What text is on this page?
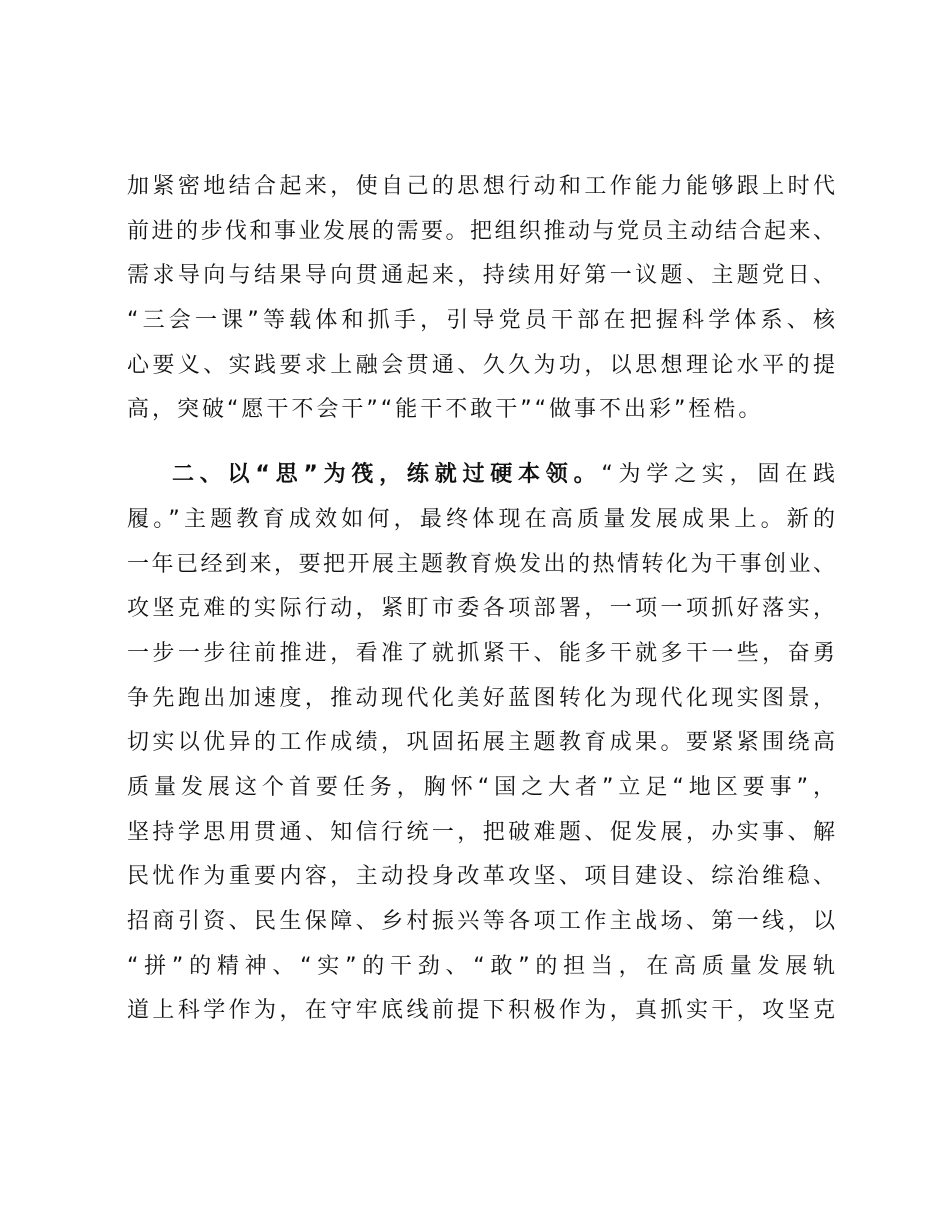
加紧密地结合起来，使自己的思想行动和工作能力能够跟上时代
前进的步伐和事业发展的需要。把组织推动与党员主动结合起来、
需求导向与结果导向贯通起来，持续用好第一议题、主题党日、
“三会一课”等载体和抓手，引导党员干部在把握科学体系、核
心要义、实践要求上融会贯通、久久为功，以思想理论水平的提
高，突破“愿干不会干”“能干不敢干”“做事不出彩”桎梏。
二、以“思”为筏，练就过硬本领。“为学之实，固在践
履。”主题教育成效如何，最终体现在高质量发展成果上。新的
一年已经到来，要把开展主题教育焕发出的热情转化为干事创业、
攻坚克难的实际行动，紧盯市委各项部署，一项一项抓好落实，
一步一步往前推进，看准了就抓紧干、能多干就多干一些，奋勇
争先跑出加速度，推动现代化美好蓝图转化为现代化现实图景，
切实以优异的工作成绩，巩固拓展主题教育成果。要紧紧围绕高
质量发展这个首要任务，胸怀“国之大者”立足“地区要事”，
坚持学思用贯通、知信行统一，把破难题、促发展，办实事、解
民忧作为重要内容，主动投身改革攻坚、项目建设、综治维稳、
招商引资、民生保障、乡村振兴等各项工作主战场、第一线，以
“拼”的精神、“实”的干劲、“敢”的担当，在高质量发展轨
道上科学作为，在守牢底线前提下积极作为，真抓实干，攻坚克
